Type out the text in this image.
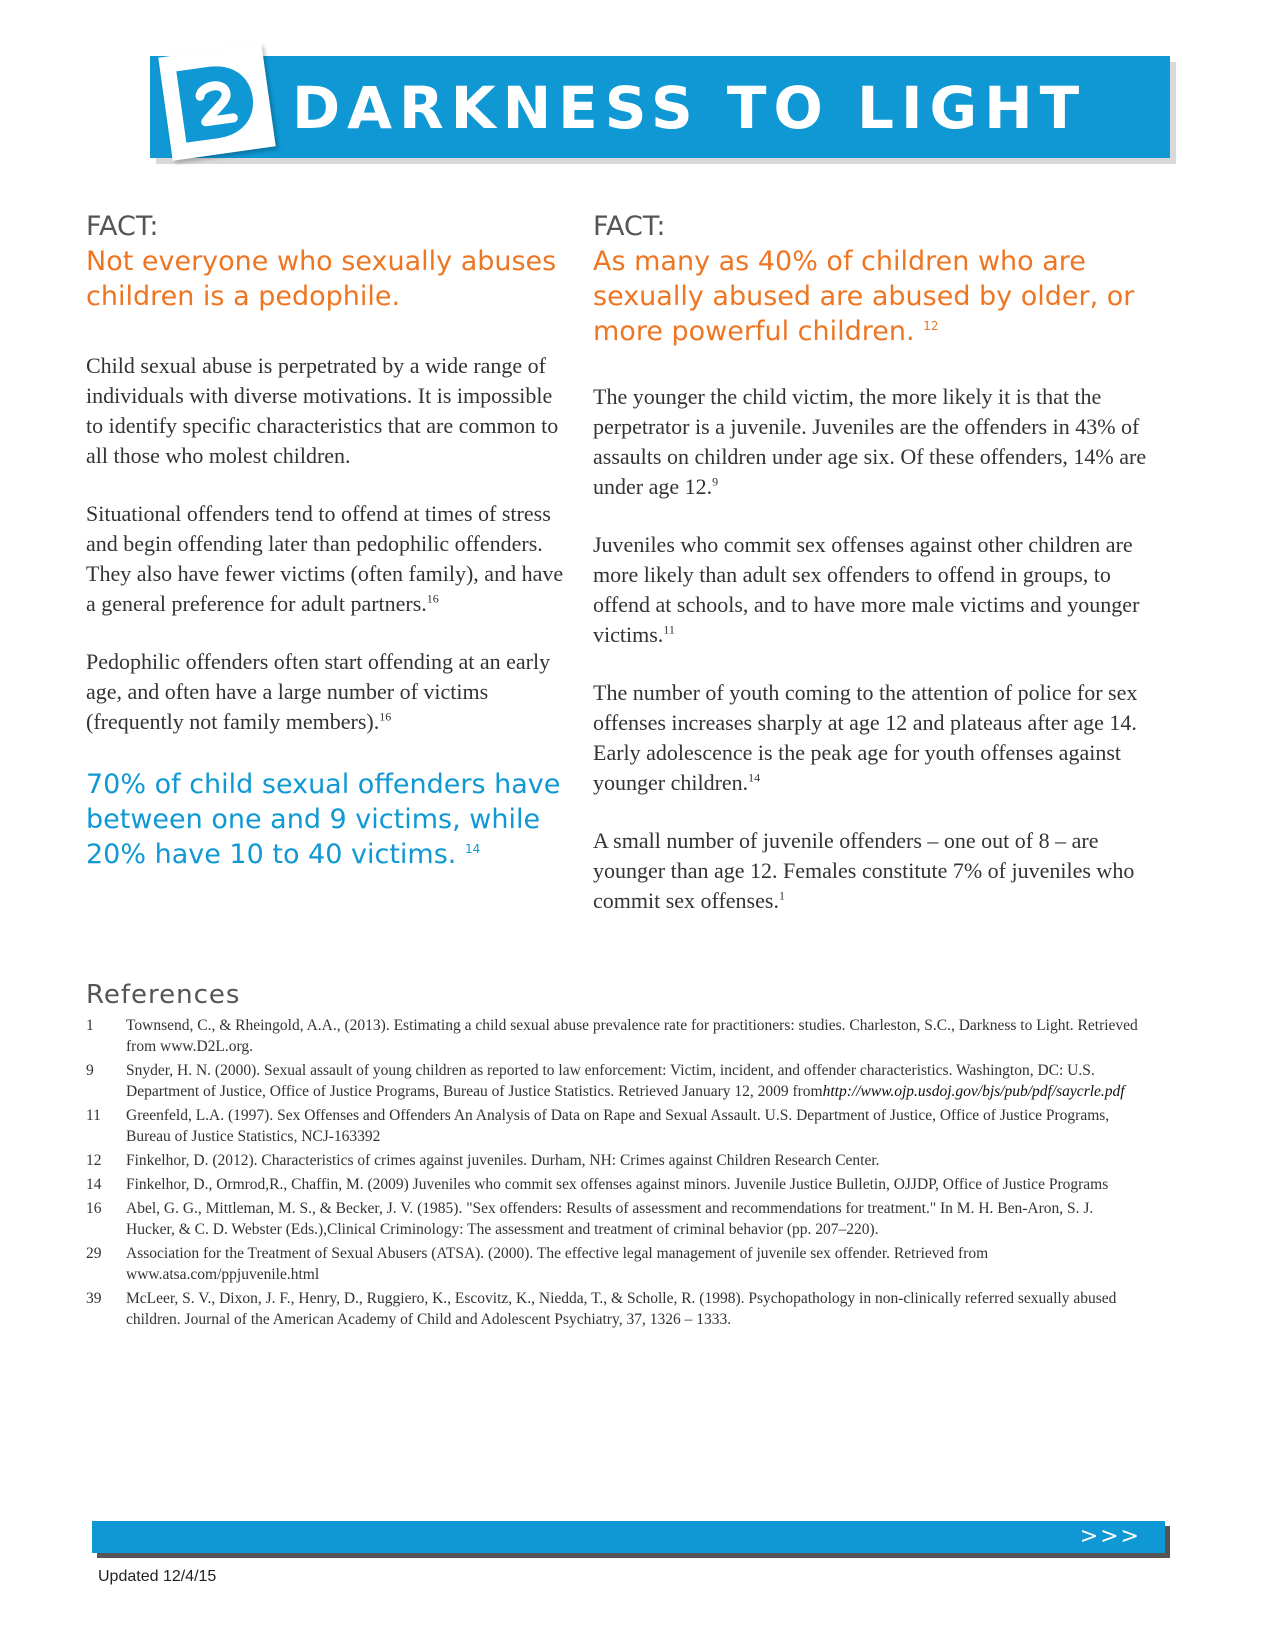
DARKNESS TO LIGHT
FACT:

Not everyone who sexually abuses children is a pedophile.

Child sexual abuse is perpetrated by a wide range of individuals with diverse motivations. It is impossible to identify specific characteristics that are common to all those who molest children.

Situational offenders tend to offend at times of stress and begin offending later than pedophilic offenders. They also have fewer victims (often family), and have a general preference for adult partners.$^{16}$

Pedophilic offenders often start offending at an early age, and often have a large number of victims (frequently not family members).$^{16}$

70% of child sexual offenders have between one and 9 victims, while 20% have 10 to 40 victims. $^{14}$

FACT:

As many as 40% of children who are sexually abused are abused by older, or more powerful children. $^{12}$

The younger the child victim, the more likely it is that the perpetrator is a juvenile. Juveniles are the offenders in 43% of assaults on children under age six. Of these offenders, 14% are under age 12.$^9$

Juveniles who commit sex offenses against other children are more likely than adult sex offenders to offend in groups, to offend at schools, and to have more male victims and younger victims.$^{11}$

The number of youth coming to the attention of police for sex offenses increases sharply at age 12 and plateaus after age 14. Early adolescence is the peak age for youth offenses against younger children.$^{14}$

A small number of juvenile offenders – one out of 8 – are younger than age 12. Females constitute 7% of juveniles who commit sex offenses.$^1$

References
1	Townsend, C., & Rheingold, A.A., (2013). Estimating a child sexual abuse prevalence rate for practitioners: studies. Charleston, S.C., Darkness to Light. Retrieved from www.D2L.org.
9	Snyder, H. N. (2000). Sexual assault of young children as reported to law enforcement: Victim, incident, and offender characteristics. Washington, DC: U.S. Department of Justice, Office of Justice Programs, Bureau of Justice Statistics. Retrieved January 12, 2009 fromhttp://www.ojp.usdoj.gov/bjs/pub/pdf/saycrle.pdf
11	Greenfeld, L.A. (1997). Sex Offenses and Offenders An Analysis of Data on Rape and Sexual Assault. U.S. Department of Justice, Office of Justice Programs, Bureau of Justice Statistics, NCJ-163392
12	Finkelhor, D. (2012). Characteristics of crimes against juveniles. Durham, NH: Crimes against Children Research Center.
14	Finkelhor, D., Ormrod,R., Chaffin, M. (2009) Juveniles who commit sex offenses against minors. Juvenile Justice Bulletin, OJJDP, Office of Justice Programs
16	Abel, G. G., Mittleman, M. S., & Becker, J. V. (1985). "Sex offenders: Results of assessment and recommendations for treatment." In M. H. Ben-Aron, S. J. Hucker, & C. D. Webster (Eds.),Clinical Criminology: The assessment and treatment of criminal behavior (pp. 207–220).
29	Association for the Treatment of Sexual Abusers (ATSA). (2000). The effective legal management of juvenile sex offender. Retrieved from www.atsa.com/ppjuvenile.html
39	McLeer, S. V., Dixon, J. F., Henry, D., Ruggiero, K., Escovitz, K., Niedda, T., & Scholle, R. (1998). Psychopathology in non-clinically referred sexually abused children. Journal of the American Academy of Child and Adolescent Psychiatry, 37, 1326 – 1333.
>>>
Updated 12/4/15
